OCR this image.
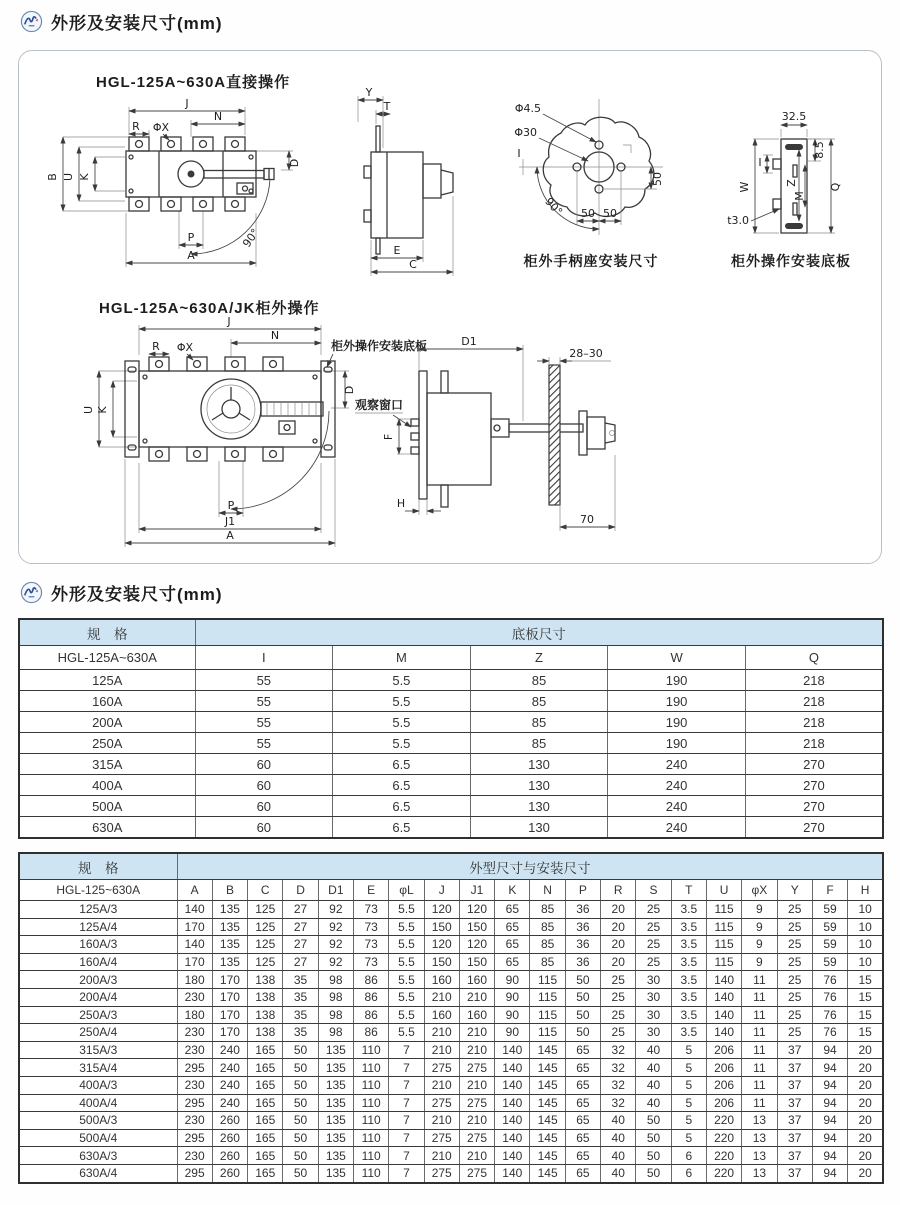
外形及安装尺寸(mm)
HGL-125A~630A直接操作
J
N
R ΦX
B U K
D
P
A
90°
Y
T
E
C
Φ4.5
Φ30
50
50 50
90°
I
柜外手柄座安装尺寸
32.5
8.5
I
W	Z
M
Q
t3.0
柜外操作安装底板
HGL-125A~630A/JK柜外操作
J
N
R ΦX
U K
D
P
J1
A
柜外操作安装底板
观察窗口
D1
28–30
F
H
70
外形及安装尺寸(mm)
规　格	底板尺寸				
HGL-125A~630A	I	M	Z	W	Q
125A	55	5.5	85	190	218
160A	55	5.5	85	190	218
200A	55	5.5	85	190	218
250A	55	5.5	85	190	218
315A	60	6.5	130	240	270
400A	60	6.5	130	240	270
500A	60	6.5	130	240	270
630A	60	6.5	130	240	270
规　格	外型尺寸与安装尺寸																			
HGL-125~630A	A	B	C	D	D1	E	φL	J	J1	K	N	P	R	S	T	U	φX	Y	F	H
125A/3	140	135	125	27	92	73	5.5	120	120	65	85	36	20	25	3.5	115	9	25	59	10
125A/4	170	135	125	27	92	73	5.5	150	150	65	85	36	20	25	3.5	115	9	25	59	10
160A/3	140	135	125	27	92	73	5.5	120	120	65	85	36	20	25	3.5	115	9	25	59	10
160A/4	170	135	125	27	92	73	5.5	150	150	65	85	36	20	25	3.5	115	9	25	59	10
200A/3	180	170	138	35	98	86	5.5	160	160	90	115	50	25	30	3.5	140	11	25	76	15
200A/4	230	170	138	35	98	86	5.5	210	210	90	115	50	25	30	3.5	140	11	25	76	15
250A/3	180	170	138	35	98	86	5.5	160	160	90	115	50	25	30	3.5	140	11	25	76	15
250A/4	230	170	138	35	98	86	5.5	210	210	90	115	50	25	30	3.5	140	11	25	76	15
315A/3	230	240	165	50	135	110	7	210	210	140	145	65	32	40	5	206	11	37	94	20
315A/4	295	240	165	50	135	110	7	275	275	140	145	65	32	40	5	206	11	37	94	20
400A/3	230	240	165	50	135	110	7	210	210	140	145	65	32	40	5	206	11	37	94	20
400A/4	295	240	165	50	135	110	7	275	275	140	145	65	32	40	5	206	11	37	94	20
500A/3	230	260	165	50	135	110	7	210	210	140	145	65	40	50	5	220	13	37	94	20
500A/4	295	260	165	50	135	110	7	275	275	140	145	65	40	50	5	220	13	37	94	20
630A/3	230	260	165	50	135	110	7	210	210	140	145	65	40	50	6	220	13	37	94	20
630A/4	295	260	165	50	135	110	7	275	275	140	145	65	40	50	6	220	13	37	94	20
